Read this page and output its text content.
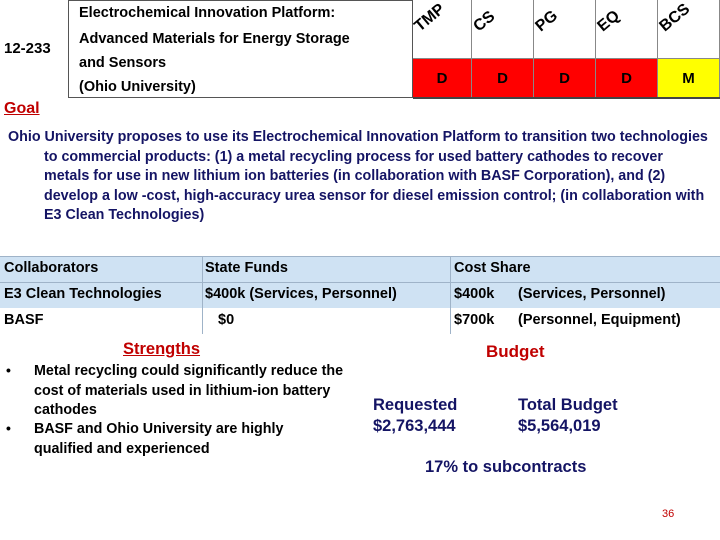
12-233
Electrochemical Innovation Platform:
Advanced Materials for Energy Storage
and Sensors
(Ohio University)
TMP CS PG EQ BCS
D	D	D	D	M
Goal
Ohio University proposes to use its Electrochemical Innovation Platform to transition two technologies to commercial products: (1) a metal recycling process for used battery cathodes to recover metals for use in new lithium ion batteries (in collaboration with BASF Corporation), and (2) develop a low -cost, high-accuracy urea sensor for diesel emission control; (in collaboration with E3 Clean Technologies)
Collaborators	State Funds	Cost Share
E3 Clean Technologies	$400k (Services, Personnel)	$400k (Services, Personnel)
BASF	$0	$700k (Personnel, Equipment)
Strengths
• Metal recycling could significantly reduce the cost of materials used in lithium-ion battery cathodes
• BASF and Ohio University are highly qualified and experienced
Budget
Requested
$2,763,444
Total Budget
$5,564,019
17% to subcontracts
36
